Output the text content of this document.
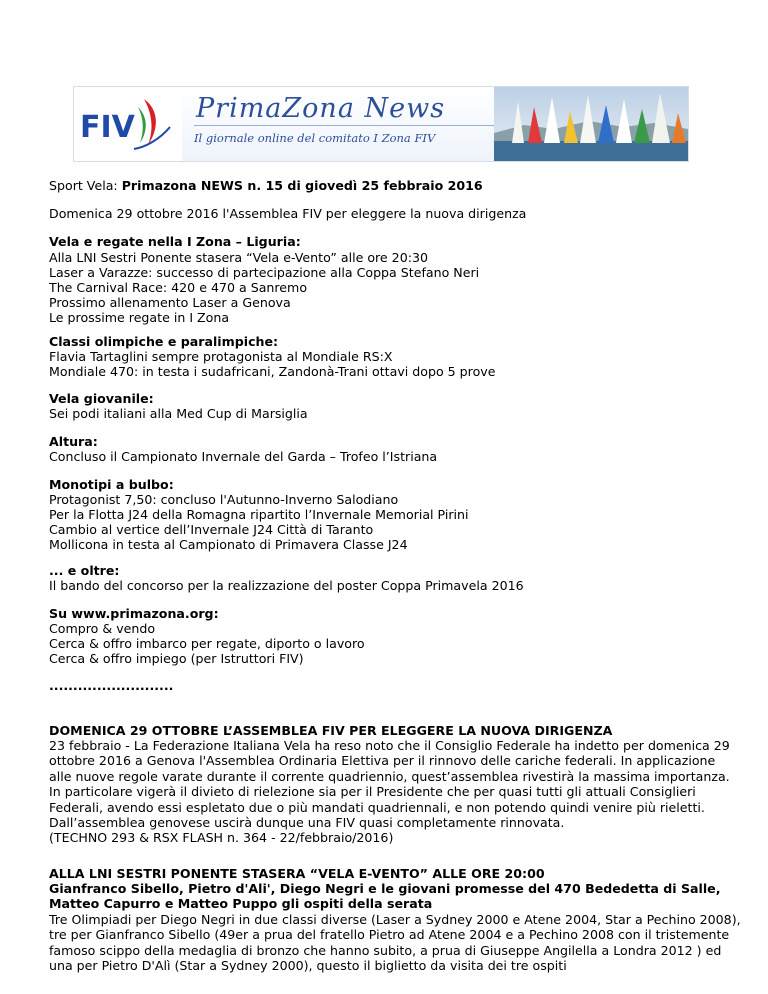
FIV
PrimaZona News
Il giornale online del comitato I Zona FIV

Sport Vela: Primazona NEWS n. 15 di giovedì 25 febbraio 2016

Domenica 29 ottobre 2016 l'Assemblea FIV per eleggere la nuova dirigenza

Vela e regate nella I Zona – Liguria:

Alla LNI Sestri Ponente stasera “Vela e-Vento” alle ore 20:30

Laser a Varazze: successo di partecipazione alla Coppa Stefano Neri

The Carnival Race: 420 e 470 a Sanremo

Prossimo allenamento Laser a Genova

Le prossime regate in I Zona

Classi olimpiche e paralimpiche:

Flavia Tartaglini sempre protagonista al Mondiale RS:X

Mondiale 470: in testa i sudafricani, Zandonà-Trani ottavi dopo 5 prove

Vela giovanile:

Sei podi italiani alla Med Cup di Marsiglia

Altura:

Concluso il Campionato Invernale del Garda – Trofeo l’Istriana

Monotipi a bulbo:

Protagonist 7,50: concluso l'Autunno-Inverno Salodiano

Per la Flotta J24 della Romagna ripartito l’Invernale Memorial Pirini

Cambio al vertice dell’Invernale J24 Città di Taranto

Mollicona in testa al Campionato di Primavera Classe J24

... e oltre:

Il bando del concorso per la realizzazione del poster Coppa Primavela 2016

Su www.primazona.org:

Compro & vendo

Cerca & offro imbarco per regate, diporto o lavoro

Cerca & offro impiego (per Istruttori FIV)

..........................

DOMENICA 29 OTTOBRE L’ASSEMBLEA FIV PER ELEGGERE LA NUOVA DIRIGENZA

23 febbraio - La Federazione Italiana Vela ha reso noto che il Consiglio Federale ha indetto per domenica 29 ottobre 2016 a Genova l'Assemblea Ordinaria Elettiva per il rinnovo delle cariche federali. In applicazione alle nuove regole varate durante il corrente quadriennio, quest’assemblea rivestirà la massima importanza. In particolare vigerà il divieto di rielezione sia per il Presidente che per quasi tutti gli attuali Consiglieri Federali, avendo essi espletato due o più mandati quadriennali, e non potendo quindi venire più rieletti. Dall’assemblea genovese uscirà dunque una FIV quasi completamente rinnovata.

(TECHNO 293 & RSX FLASH n. 364 - 22/febbraio/2016)

ALLA LNI SESTRI PONENTE STASERA “VELA E-VENTO” ALLE ORE 20:00

Gianfranco Sibello, Pietro d'Ali', Diego Negri e le giovani promesse del 470 Bededetta di Salle, Matteo Capurro e Matteo Puppo gli ospiti della serata

Tre Olimpiadi per Diego Negri in due classi diverse (Laser a Sydney 2000 e Atene 2004, Star a Pechino 2008), tre per Gianfranco Sibello (49er a prua del fratello Pietro ad Atene 2004 e a Pechino 2008 con il tristemente famoso scippo della medaglia di bronzo che hanno subito, a prua di Giuseppe Angilella a Londra 2012 ) ed una per Pietro D'Alì (Star a Sydney 2000), questo il biglietto da visita dei tre ospiti
